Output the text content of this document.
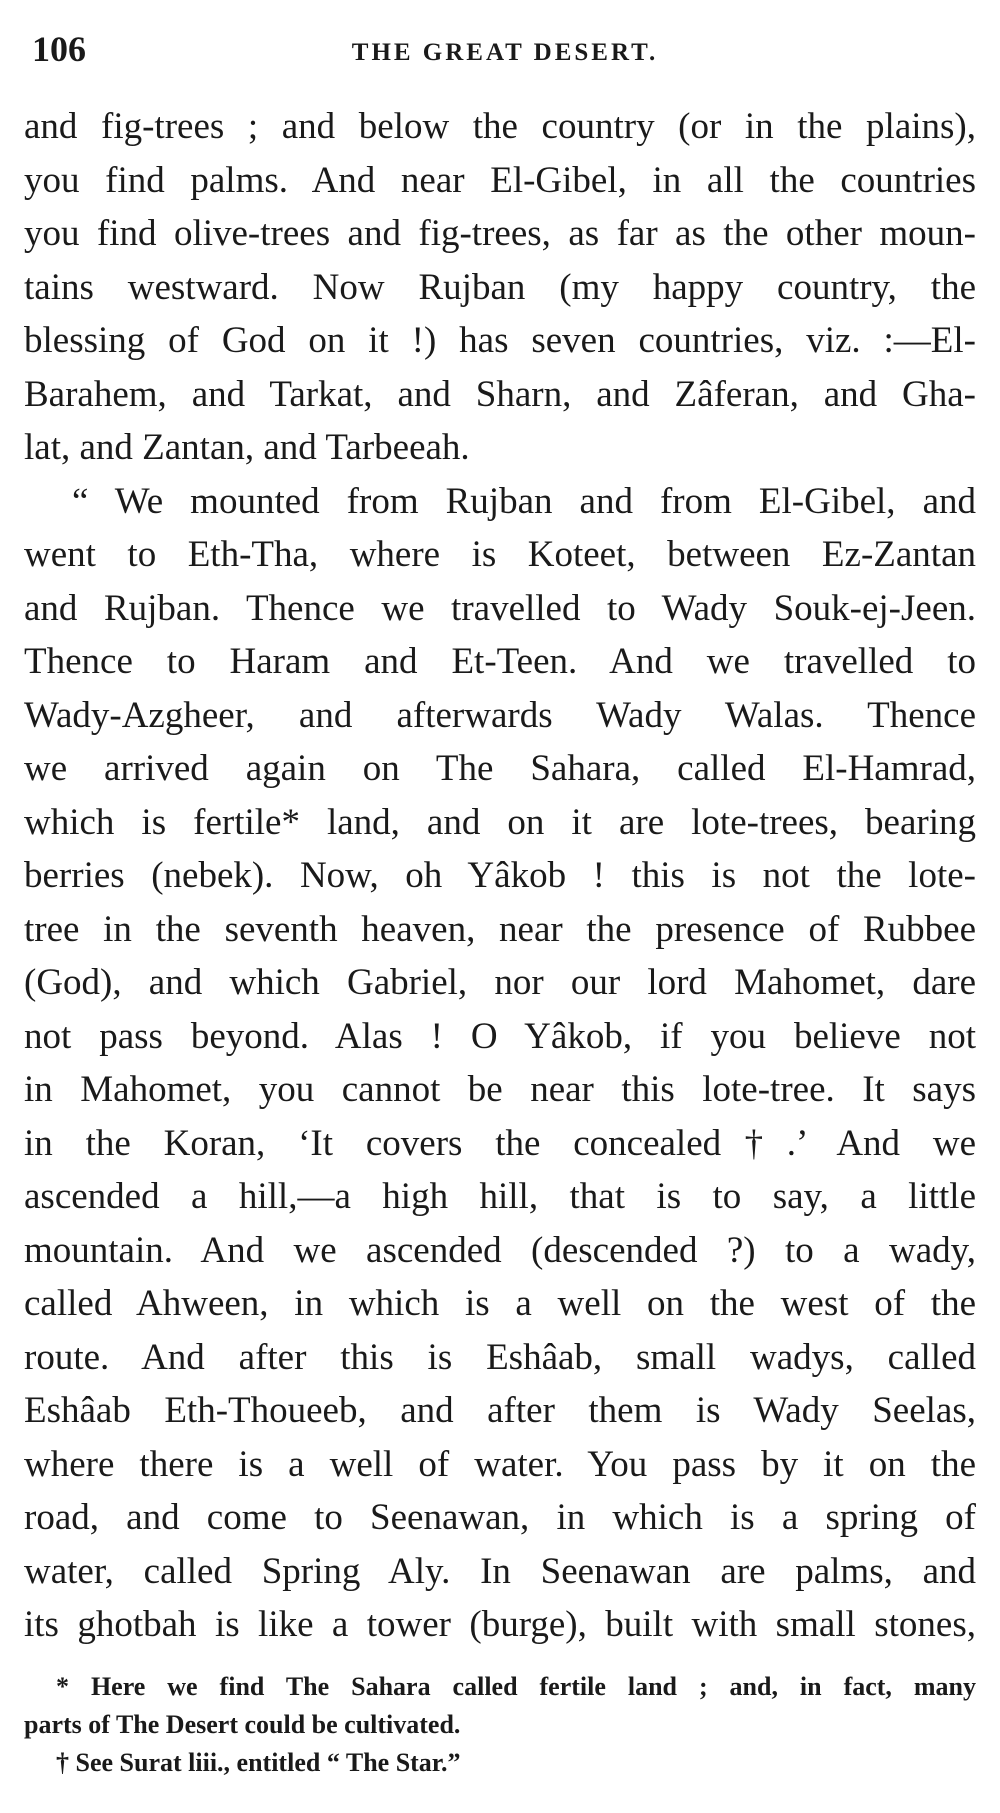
106	THE GREAT DESERT.
and fig-trees ; and below the country (or in the plains),
you find palms. And near El-Gibel, in all the countries
you find olive-trees and fig-trees, as far as the other moun-
tains westward. Now Rujban (my happy country, the
blessing of God on it !) has seven countries, viz. :—El-
Barahem, and Tarkat, and Sharn, and Zâferan, and Gha-
lat, and Zantan, and Tarbeeah.
“ We mounted from Rujban and from El-Gibel, and
went to Eth-Tha, where is Koteet, between Ez-Zantan
and Rujban. Thence we travelled to Wady Souk-ej-Jeen.
Thence to Haram and Et-Teen. And we travelled to
Wady-Azgheer, and afterwards Wady Walas. Thence
we arrived again on The Sahara, called El-Hamrad,
which is fertile* land, and on it are lote-trees, bearing
berries (nebek). Now, oh Yâkob ! this is not the lote-
tree in the seventh heaven, near the presence of Rubbee
(God), and which Gabriel, nor our lord Mahomet, dare
not pass beyond. Alas ! O Yâkob, if you believe not
in Mahomet, you cannot be near this lote-tree. It says
in the Koran, ‘It covers the concealed†.’ And we
ascended a hill,—a high hill, that is to say, a little
mountain. And we ascended (descended ?) to a wady,
called Ahween, in which is a well on the west of the
route. And after this is Eshâab, small wadys, called
Eshâab Eth-Thoueeb, and after them is Wady Seelas,
where there is a well of water. You pass by it on the
road, and come to Seenawan, in which is a spring of
water, called Spring Aly. In Seenawan are palms, and
its ghotbah is like a tower (burge), built with small stones,
* Here we find The Sahara called fertile land ; and, in fact, many
parts of The Desert could be cultivated.
† See Surat liii., entitled “ The Star.”
